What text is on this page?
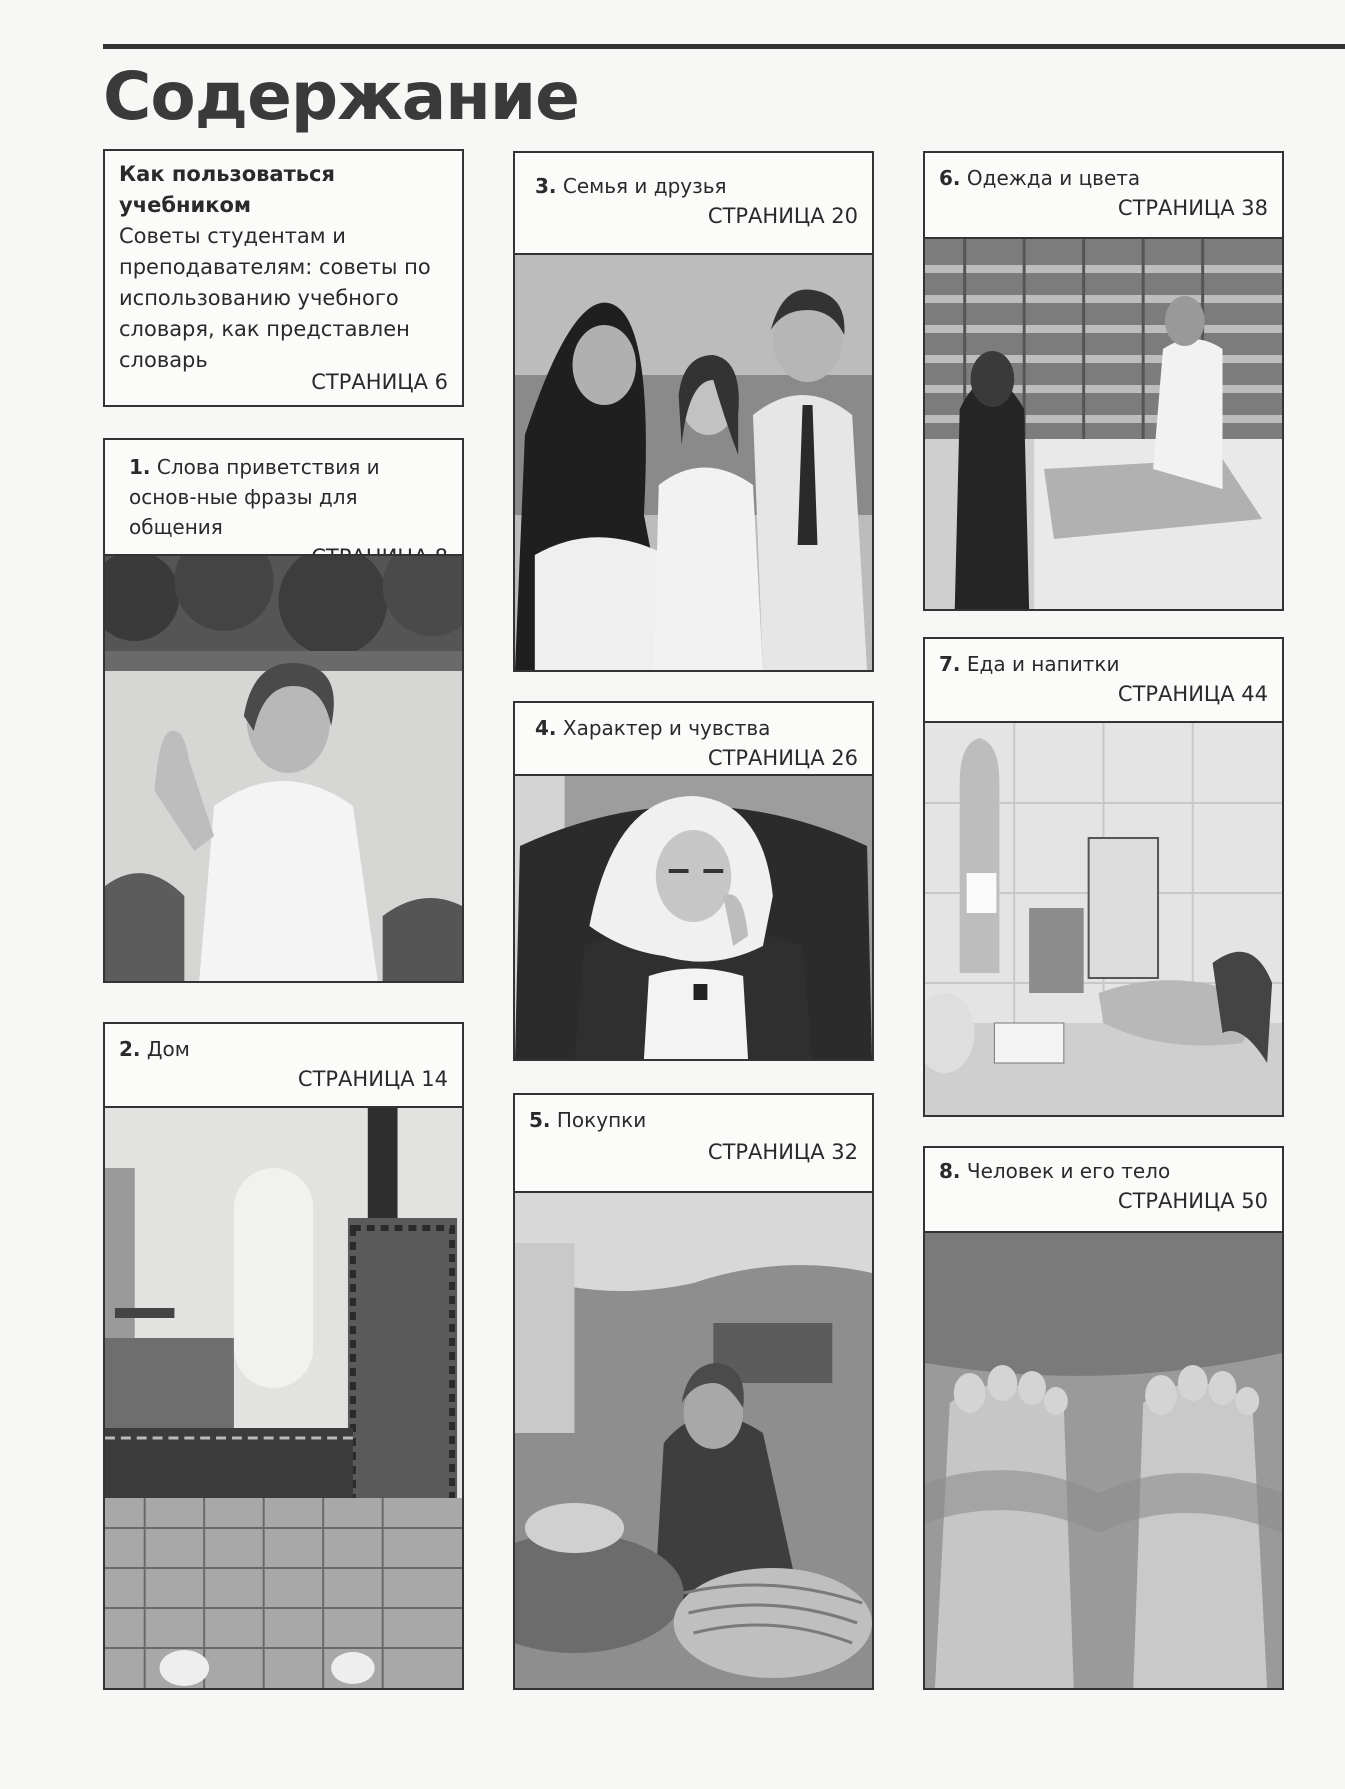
Содержание
Как пользоваться учебником
Советы студентам и преподавателям: советы по использованию учебного словаря, как представлен словарь
СТРАНИЦА 6
1. Слова приветствия и основ-ные фразы для общения
2. Дом
СТРАНИЦА 14
3. Семья и друзья
СТРАНИЦА 20
4. Характер и чувства
СТРАНИЦА 26
5. Покупки
СТРАНИЦА 32
6. Одежда и цвета
СТРАНИЦА 38
7. Еда и напитки
СТРАНИЦА 44
8. Человек и его тело
СТРАНИЦА 50
